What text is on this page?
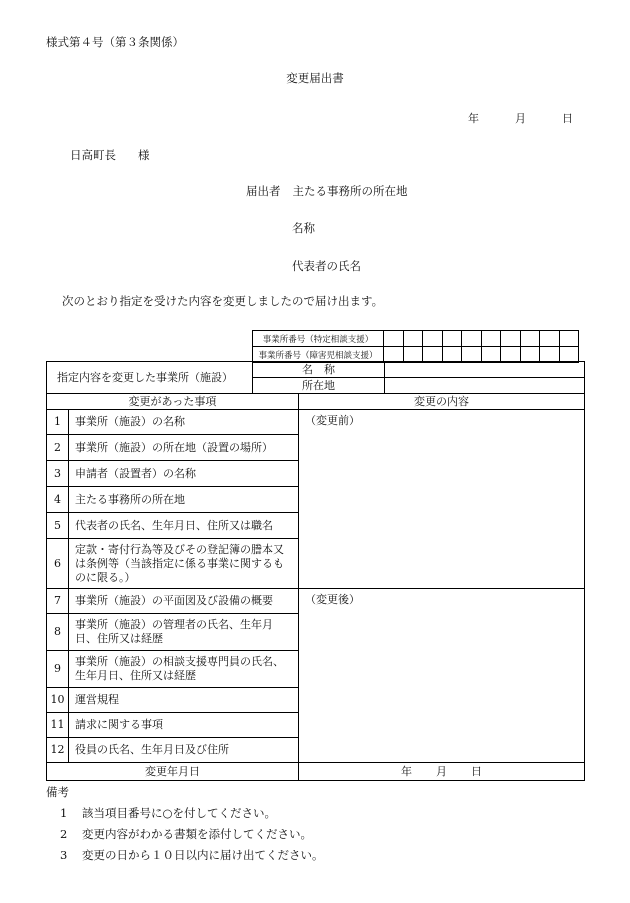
様式第４号（第３条関係）
変更届出書
年	月	日
日高町長 様
届出者 主たる事務所の所在地
名称
代表者の氏名
次のとおり指定を受けた内容を変更しましたので届け出ます。
事業所番号（特定相談支援）										
事業所番号（障害児相談支援）										
指定内容を変更した事業所（施設）		名　称		
		所在地		
変更があった事項			変更の内容	
1	事業所（施設）の名称		（変更前）	
2	事業所（施設）の所在地（設置の場所）			
3	申請者（設置者）の名称			
4	主たる事務所の所在地			
5	代表者の氏名、生年月日、住所又は職名			
6	定款・寄付行為等及びその登記簿の謄本又は条例等（当該指定に係る事業に関するものに限る。）			
7	事業所（施設）の平面図及び設備の概要		（変更後）	
8	事業所（施設）の管理者の氏名、生年月日、住所又は経歴			
9	事業所（施設）の相談支援専門員の氏名、生年月日、住所又は経歴			
10	運営規程			
11	請求に関する事項			
12	役員の氏名、生年月日及び住所			
変更年月日			年 月 日	
備考
1 該当項目番号に○を付してください。
2 変更内容がわかる書類を添付してください。
3 変更の日から１０日以内に届け出てください。
